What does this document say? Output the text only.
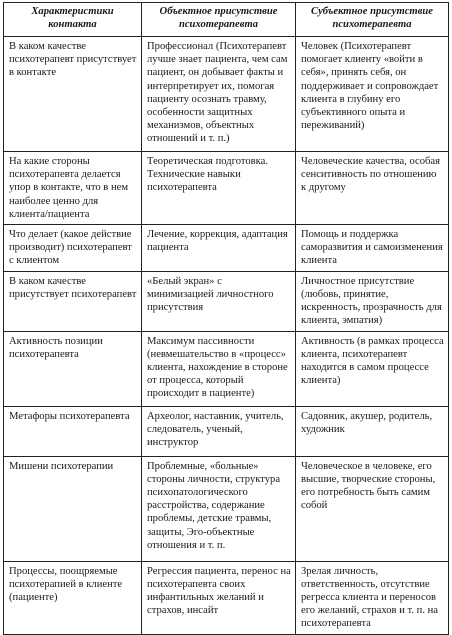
Характеристики контакта	Объектное присутствие психотерапевта	Субъектное присутствие психотерапевта
В каком качестве психотерапевт присутствует в контакте	Профессионал (Психотерапевт лучше знает пациента, чем сам пациент, он добывает факты и интерпретирует их, помогая пациенту осознать травму, особенности защитных механизмов, объектных отношений и т. п.)	Человек (Психотерапевт помогает клиенту «войти в себя», принять себя, он поддерживает и сопровождает клиента в глубину его субъективного опыта и переживаний)
На какие стороны психотерапевта делается упор в контакте, что в нем наиболее ценно для клиента/пациента	Теоретическая подготовка. Технические навыки психотерапевта	Человеческие качества, особая сенситивность по отношению к другому
Что делает (какое действие производит) психотерапевт с клиентом	Лечение, коррекция, адаптация пациента	Помощь и поддержка саморазвития и самоизменения клиента
В каком качестве присутствует психотерапевт	«Белый экран» с минимизацией личностного присутствия	Личностное присутствие (любовь, принятие, искренность, прозрачность для клиента, эмпатия)
Активность позиции психотерапевта	Максимум пассивности (невмешательство в «процесс» клиента, нахождение в стороне от процесса, который происходит в пациенте)	Активность (в рамках процесса клиента, психотерапевт находится в самом процессе клиента)
Метафоры психотерапевта	Археолог, наставник, учитель, следователь, ученый, инструктор	Садовник, акушер, родитель, художник
Мишени психотерапии	Проблемные, «больные» стороны личности, структура психопатологического расстройства, содержание проблемы, детские травмы, защиты, Эго-объектные отношения и т. п.	Человеческое в человеке, его высшие, творческие стороны, его потребность быть самим собой
Процессы, поощряемые психотерапией в клиенте (пациенте)	Регрессия пациента, перенос на психотерапевта своих инфантильных желаний и страхов, инсайт	Зрелая личность, ответственность, отсутствие регресса клиента и переносов его желаний, страхов и т. п. на психотерапевта
